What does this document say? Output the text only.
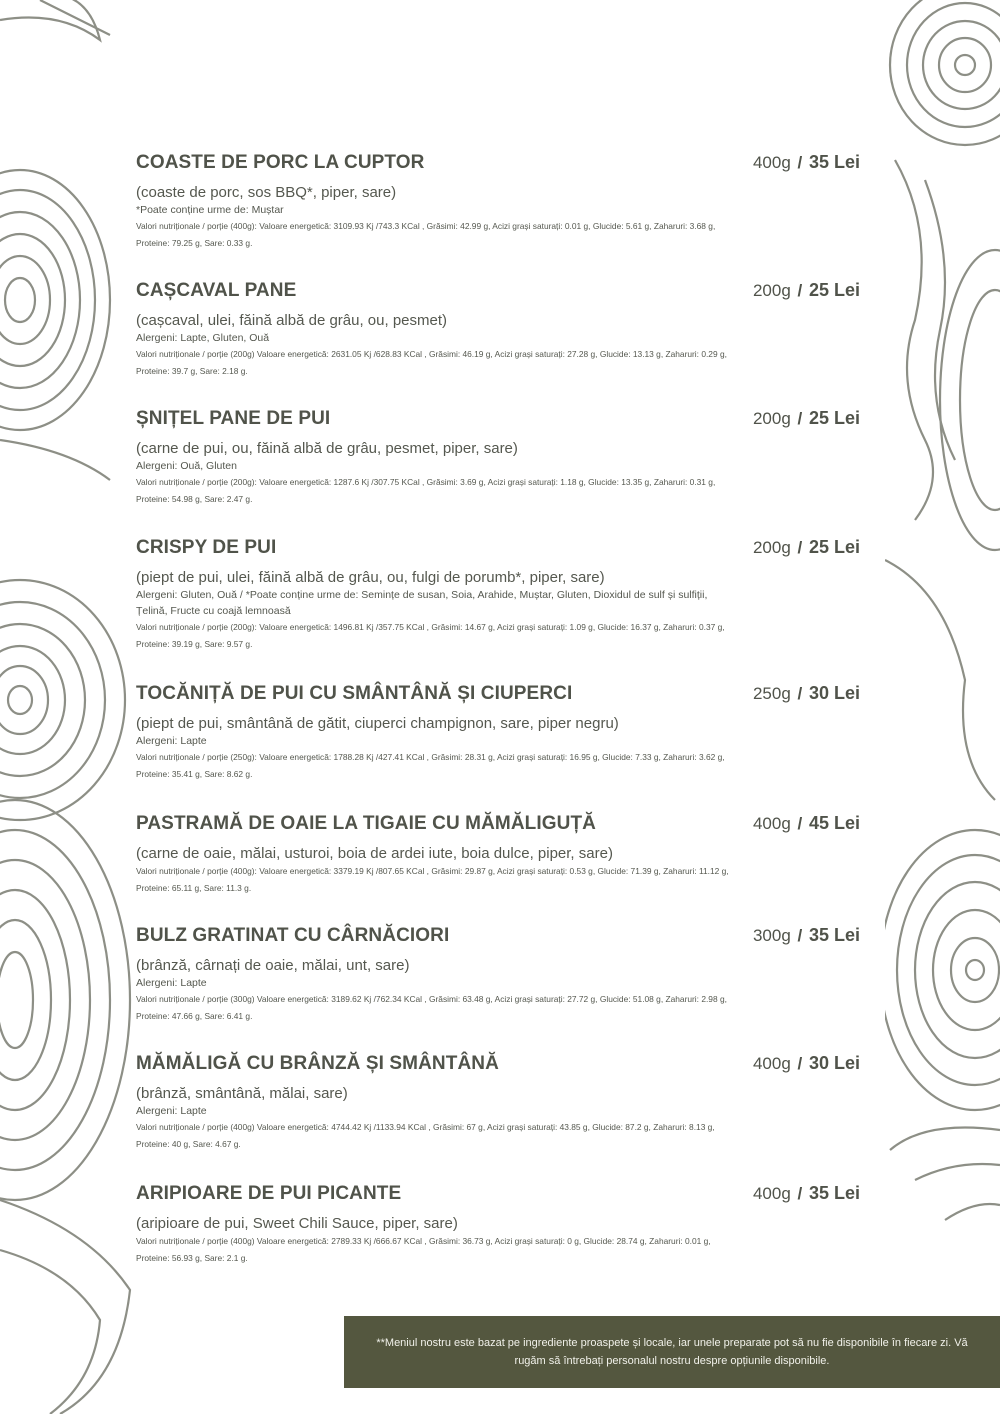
COASTE DE PORC LA CUPTOR	400g / 35 Lei
(coaste de porc, sos BBQ*, piper, sare)
*Poate conține urme de: Muștar
Valori nutriționale / porție (400g): Valoare energetică: 3109.93 Kj /743.3 KCal , Grăsimi: 42.99 g, Acizi grași saturați: 0.01 g, Glucide: 5.61 g, Zaharuri: 3.68 g, Proteine: 79.25 g, Sare: 0.33 g.
CAȘCAVAL PANE	200g / 25 Lei
(cașcaval, ulei, făină albă de grâu, ou, pesmet)
Alergeni: Lapte, Gluten, Ouă
Valori nutriționale / porție (200g) Valoare energetică: 2631.05 Kj /628.83 KCal , Grăsimi: 46.19 g, Acizi grași saturați: 27.28 g, Glucide: 13.13 g, Zaharuri: 0.29 g, Proteine: 39.7 g, Sare: 2.18 g.
ȘNIȚEL PANE DE PUI	200g / 25 Lei
(carne de pui, ou, făină albă de grâu, pesmet, piper, sare)
Alergeni: Ouă, Gluten
Valori nutriționale / porție (200g): Valoare energetică: 1287.6 Kj /307.75 KCal , Grăsimi: 3.69 g, Acizi grași saturați: 1.18 g, Glucide: 13.35 g, Zaharuri: 0.31 g, Proteine: 54.98 g, Sare: 2.47 g.
CRISPY DE PUI	200g / 25 Lei
(piept de pui, ulei, făină albă de grâu, ou, fulgi de porumb*, piper, sare)
Alergeni: Gluten, Ouă / *Poate conține urme de: Semințe de susan, Soia, Arahide, Muștar, Gluten, Dioxidul de sulf și sulfiții, Țelină, Fructe cu coajă lemnoasă
Valori nutriționale / porție (200g): Valoare energetică: 1496.81 Kj /357.75 KCal , Grăsimi: 14.67 g, Acizi grași saturați: 1.09 g, Glucide: 16.37 g, Zaharuri: 0.37 g, Proteine: 39.19 g, Sare: 9.57 g.
TOCĂNIȚĂ DE PUI CU SMÂNTÂNĂ ȘI CIUPERCI	250g / 30 Lei
(piept de pui, smântână de gătit, ciuperci champignon, sare, piper negru)
Alergeni: Lapte
Valori nutriționale / porție (250g): Valoare energetică: 1788.28 Kj /427.41 KCal , Grăsimi: 28.31 g, Acizi grași saturați: 16.95 g, Glucide: 7.33 g, Zaharuri: 3.62 g, Proteine: 35.41 g, Sare: 8.62 g.
PASTRAMĂ DE OAIE LA TIGAIE CU MĂMĂLIGUȚĂ	400g / 45 Lei
(carne de oaie, mălai, usturoi, boia de ardei iute, boia dulce, piper, sare)
Valori nutriționale / porție (400g): Valoare energetică: 3379.19 Kj /807.65 KCal , Grăsimi: 29.87 g, Acizi grași saturați: 0.53 g, Glucide: 71.39 g, Zaharuri: 11.12 g, Proteine: 65.11 g, Sare: 11.3 g.
BULZ GRATINAT CU CÂRNĂCIORI	300g / 35 Lei
(brânză, cârnați de oaie, mălai, unt, sare)
Alergeni: Lapte
Valori nutriționale / porție (300g) Valoare energetică: 3189.62 Kj /762.34 KCal , Grăsimi: 63.48 g, Acizi grași saturați: 27.72 g, Glucide: 51.08 g, Zaharuri: 2.98 g, Proteine: 47.66 g, Sare: 6.41 g.
MĂMĂLIGĂ CU BRÂNZĂ ȘI SMÂNTÂNĂ	400g / 30 Lei
(brânză, smântână, mălai, sare)
Alergeni: Lapte
Valori nutriționale / porție (400g) Valoare energetică: 4744.42 Kj /1133.94 KCal , Grăsimi: 67 g, Acizi grași saturați: 43.85 g, Glucide: 87.2 g, Zaharuri: 8.13 g, Proteine: 40 g, Sare: 4.67 g.
ARIPIOARE DE PUI PICANTE	400g / 35 Lei
(aripioare de pui, Sweet Chili Sauce, piper, sare)
Valori nutriționale / porție (400g) Valoare energetică: 2789.33 Kj /666.67 KCal , Grăsimi: 36.73 g, Acizi grași saturați: 0 g, Glucide: 28.74 g, Zaharuri: 0.01 g, Proteine: 56.93 g, Sare: 2.1 g.
**Meniul nostru este bazat pe ingrediente proaspete și locale, iar unele preparate pot să nu fie disponibile în fiecare zi. Vă rugăm să întrebați personalul nostru despre opțiunile disponibile.
